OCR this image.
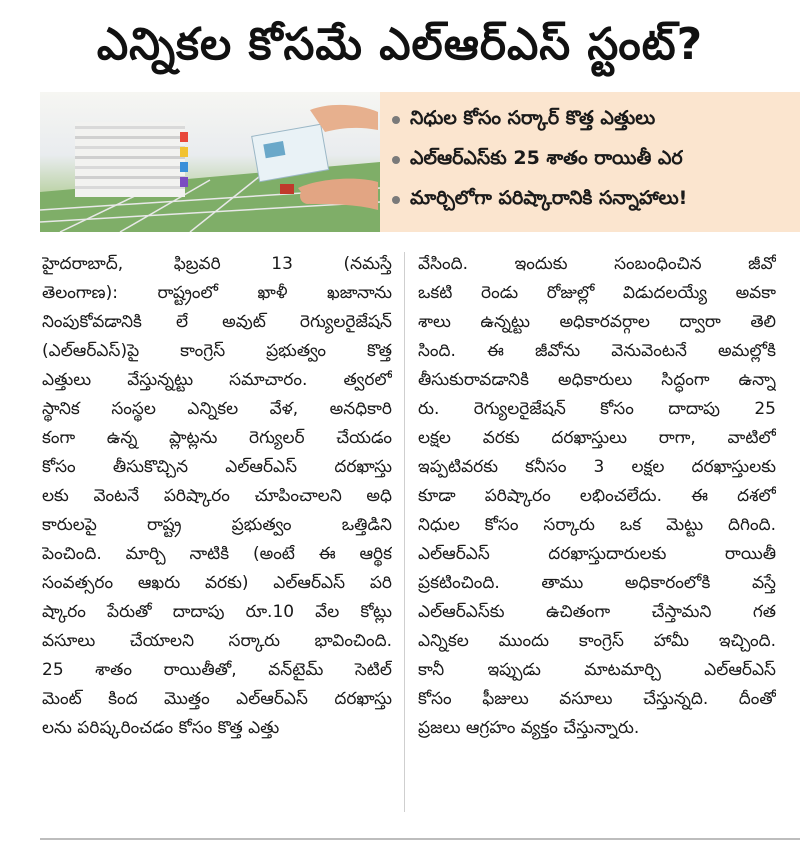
ఎన్నికల కోసమే ఎల్‌ఆర్‌ఎస్‌ స్టంట్‌?
నిధుల కోసం సర్కార్‌ కొత్త ఎత్తులు
ఎల్‌ఆర్‌ఎస్‌కు 25 శాతం రాయితీ ఎర
మార్చిలోగా పరిష్కారానికి సన్నాహాలు!
హైదరాబాద్‌, ఫిబ్రవరి 13 (నమస్తే
తెలంగాణ): రాష్ట్రంలో ఖాళీ ఖజానాను
నింపుకోవడానికి లే అవుట్‌ రెగ్యులరైజేషన్‌
(ఎల్‌ఆర్‌ఎస్‌)పై కాంగ్రెస్‌ ప్రభుత్వం కొత్త
ఎత్తులు వేస్తున్నట్టు సమాచారం. త్వరలో
స్థానిక సంస్థల ఎన్నికల వేళ, అనధికారి
కంగా ఉన్న ప్లాట్లను రెగ్యులర్‌ చేయడం
కోసం తీసుకొచ్చిన ఎల్‌ఆర్‌ఎస్‌ దరఖాస్తు
లకు వెంటనే పరిష్కారం చూపించాలని అధి
కారులపై రాష్ట్ర ప్రభుత్వం ఒత్తిడిని
పెంచింది. మార్చి నాటికి (అంటే ఈ ఆర్థిక
సంవత్సరం ఆఖరు వరకు) ఎల్‌ఆర్‌ఎస్‌ పరి
ష్కారం పేరుతో దాదాపు రూ.10 వేల కోట్లు
వసూలు చేయాలని సర్కారు భావించింది.
25 శాతం రాయితీతో, వన్‌టైమ్‌ సెటిల్‌
మెంట్‌ కింద మొత్తం ఎల్‌ఆర్‌ఎస్‌ దరఖాస్తు
లను పరిష్కరించడం కోసం కొత్త ఎత్తు
వేసింది. ఇందుకు సంబంధించిన జీవో
ఒకటి రెండు రోజుల్లో విడుదలయ్యే అవకా
శాలు ఉన్నట్టు అధికారవర్గాల ద్వారా తెలి
సింది. ఈ జీవోను వెనువెంటనే అమల్లోకి
తీసుకురావడానికి అధికారులు సిద్ధంగా ఉన్నా
రు. రెగ్యులరైజేషన్‌ కోసం దాదాపు 25
లక్షల వరకు దరఖాస్తులు రాగా, వాటిలో
ఇప్పటివరకు కనీసం 3 లక్షల దరఖాస్తులకు
కూడా పరిష్కారం లభించలేదు. ఈ దశలో
నిధుల కోసం సర్కారు ఒక మెట్టు దిగింది.
ఎల్‌ఆర్‌ఎస్‌ దరఖాస్తుదారులకు రాయితీ
ప్రకటించింది. తాము అధికారంలోకి వస్తే
ఎల్‌ఆర్‌ఎస్‌కు ఉచితంగా చేస్తామని గత
ఎన్నికల ముందు కాంగ్రెస్‌ హామీ ఇచ్చింది.
కానీ ఇప్పుడు మాటమార్చి ఎల్‌ఆర్‌ఎస్‌
కోసం ఫీజులు వసూలు చేస్తున్నది. దీంతో
ప్రజలు ఆగ్రహం వ్యక్తం చేస్తున్నారు.
